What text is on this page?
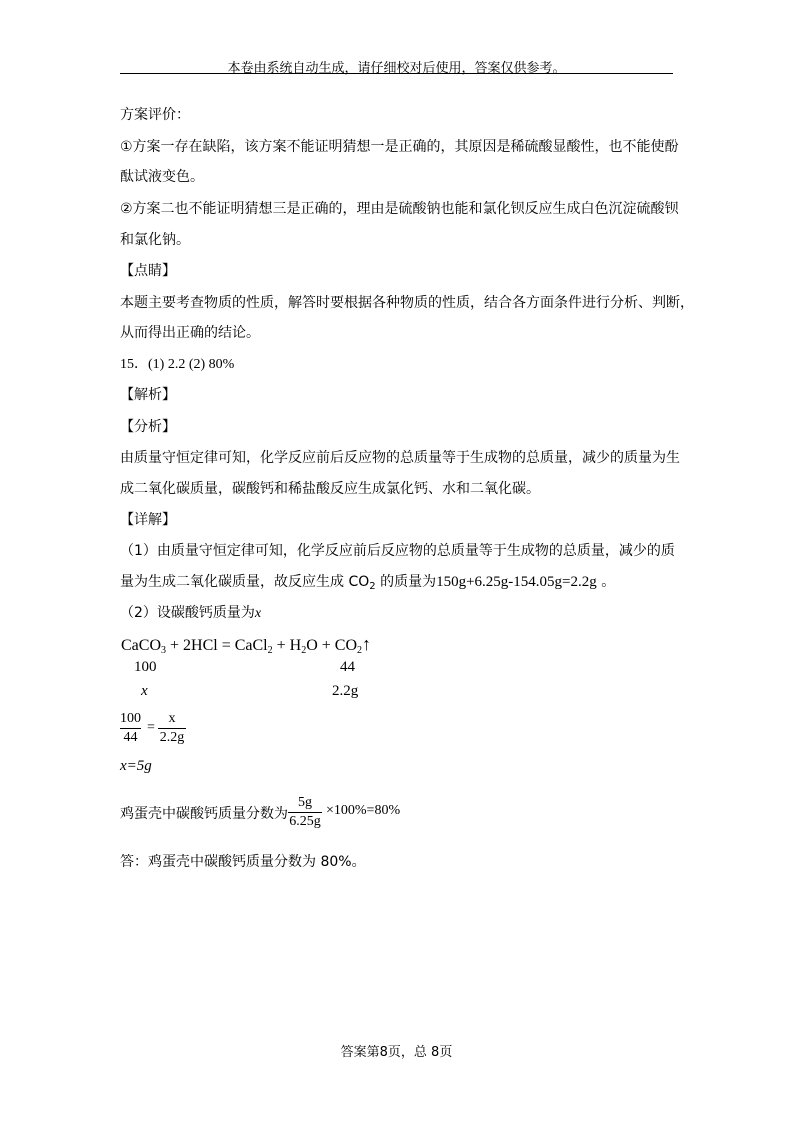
本卷由系统自动生成，请仔细校对后使用，答案仅供参考。
方案评价：
①方案一存在缺陷，该方案不能证明猜想一是正确的，其原因是稀硫酸显酸性，也不能使酚
酞试液变色。
②方案二也不能证明猜想三是正确的，理由是硫酸钠也能和氯化钡反应生成白色沉淀硫酸钡
和氯化钠。
【点睛】
本题主要考查物质的性质，解答时要根据各种物质的性质，结合各方面条件进行分析、判断，
从而得出正确的结论。
15．(1) 2.2 (2) 80%
【解析】
【分析】
由质量守恒定律可知，化学反应前后反应物的总质量等于生成物的总质量，减少的质量为生
成二氧化碳质量，碳酸钙和稀盐酸反应生成氯化钙、水和二氧化碳。
【详解】
（1）由质量守恒定律可知，化学反应前后反应物的总质量等于生成物的总质量，减少的质
量为生成二氧化碳质量，故反应生成 $CO_2$ 的质量为150g+6.25g-154.05g=2.2g 。
（2）设碳酸钙质量为x
CaCO$_3$ + 2HCl = CaCl$_2$ + $H_2O$ + $CO_2↑$
100	44
x	2.2g
100
44
=
x
2.2g
x=5g
鸡蛋壳中碳酸钙质量分数为
5g
6.25g
×100%=80%
答：鸡蛋壳中碳酸钙质量分数为 80%。
答案第8页，总 8页
